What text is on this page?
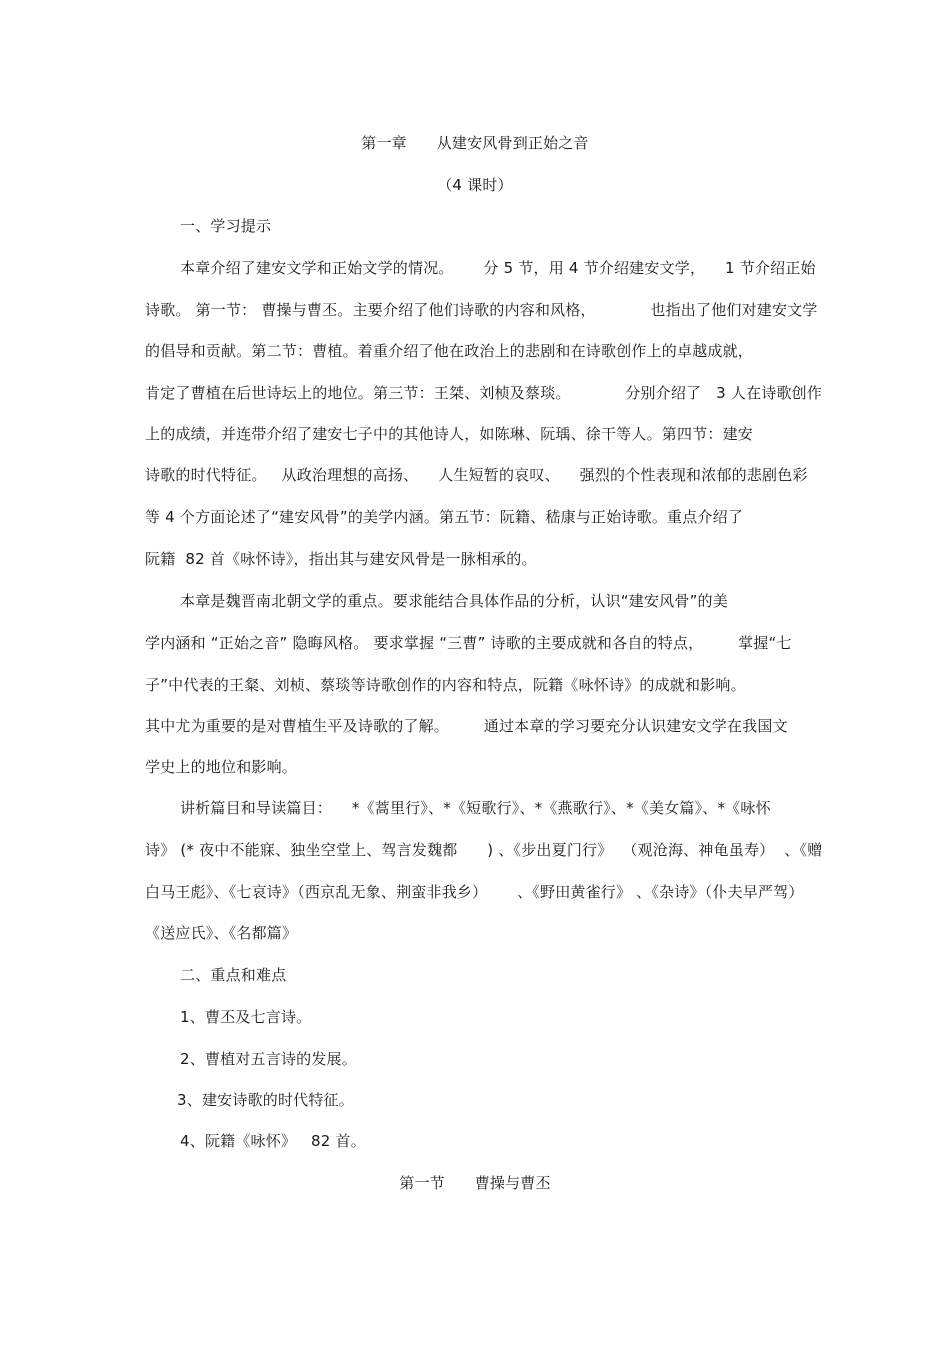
第一章      从建安风骨到正始之音
（4 课时）
一、学习提示
本章介绍了建安文学和正始文学的情况。      分 5 节，用 4 节介绍建安文学，    1 节介绍正始
诗歌。 第一节： 曹操与曹丕。主要介绍了他们诗歌的内容和风格，           也指出了他们对建安文学
的倡导和贡献。第二节：曹植。着重介绍了他在政治上的悲剧和在诗歌创作上的卓越成就，
肯定了曹植在后世诗坛上的地位。第三节：王桀、刘桢及蔡琰。           分别介绍了   3 人在诗歌创作
上的成绩，并连带介绍了建安七子中的其他诗人，如陈琳、阮瑀、徐干等人。第四节：建安
诗歌的时代特征。   从政治理想的高扬、    人生短暂的哀叹、    强烈的个性表现和浓郁的悲剧色彩
等 4 个方面论述了“建安风骨”的美学内涵。第五节：阮籍、嵇康与正始诗歌。重点介绍了
阮籍  82 首《咏怀诗》，指出其与建安风骨是一脉相承的。
本章是魏晋南北朝文学的重点。要求能结合具体作品的分析，认识“建安风骨”的美
学内涵和 “正始之音” 隐晦风格。 要求掌握 “三曹” 诗歌的主要成就和各自的特点，       掌握“七
子”中代表的王粲、刘桢、蔡琰等诗歌创作的内容和特点，阮籍《咏怀诗》的成就和影响。
其中尤为重要的是对曹植生平及诗歌的了解。       通过本章的学习要充分认识建安文学在我国文
学史上的地位和影响。
讲析篇目和导读篇目：    *《蒿里行》、*《短歌行》、*《燕歌行》、*《美女篇》、*《咏怀
诗》 (* 夜中不能寐、独坐空堂上、驾言发魏都      ) 、《步出夏门行》  （观沧海、神龟虽寿）  、《赠
白马王彪》、《七哀诗》（西京乱无象、荆蛮非我乡）      、《野田黄雀行》 、《杂诗》（仆夫早严驾）
《送应氏》、《名都篇》
二、重点和难点
1、曹丕及七言诗。
2、曹植对五言诗的发展。
3、建安诗歌的时代特征。
4、阮籍《咏怀》   82 首。
第一节      曹操与曹丕
